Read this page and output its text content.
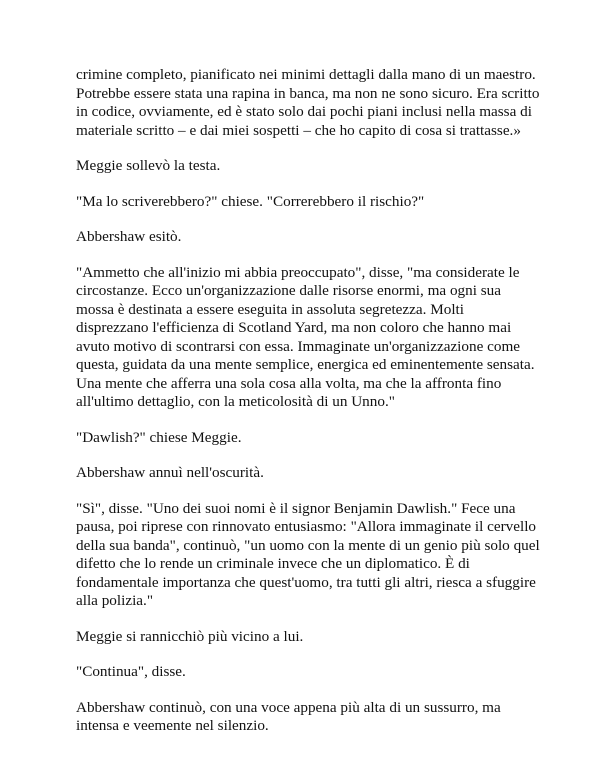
crimine completo, pianificato nei minimi dettagli dalla mano di un maestro.
Potrebbe essere stata una rapina in banca, ma non ne sono sicuro. Era scritto
in codice, ovviamente, ed è stato solo dai pochi piani inclusi nella massa di
materiale scritto – e dai miei sospetti – che ho capito di cosa si trattasse.»

Meggie sollevò la testa.

"Ma lo scriverebbero?" chiese. "Correrebbero il rischio?"

Abbershaw esitò.

"Ammetto che all'inizio mi abbia preoccupato", disse, "ma considerate le
circostanze. Ecco un'organizzazione dalle risorse enormi, ma ogni sua
mossa è destinata a essere eseguita in assoluta segretezza. Molti
disprezzano l'efficienza di Scotland Yard, ma non coloro che hanno mai
avuto motivo di scontrarsi con essa. Immaginate un'organizzazione come
questa, guidata da una mente semplice, energica ed eminentemente sensata.
Una mente che afferra una sola cosa alla volta, ma che la affronta fino
all'ultimo dettaglio, con la meticolosità di un Unno."

"Dawlish?" chiese Meggie.

Abbershaw annuì nell'oscurità.

"Sì", disse. "Uno dei suoi nomi è il signor Benjamin Dawlish." Fece una
pausa, poi riprese con rinnovato entusiasmo: "Allora immaginate il cervello
della sua banda", continuò, "un uomo con la mente di un genio più solo quel
difetto che lo rende un criminale invece che un diplomatico. È di
fondamentale importanza che quest'uomo, tra tutti gli altri, riesca a sfuggire
alla polizia."

Meggie si rannicchiò più vicino a lui.

"Continua", disse.

Abbershaw continuò, con una voce appena più alta di un sussurro, ma
intensa e veemente nel silenzio.
